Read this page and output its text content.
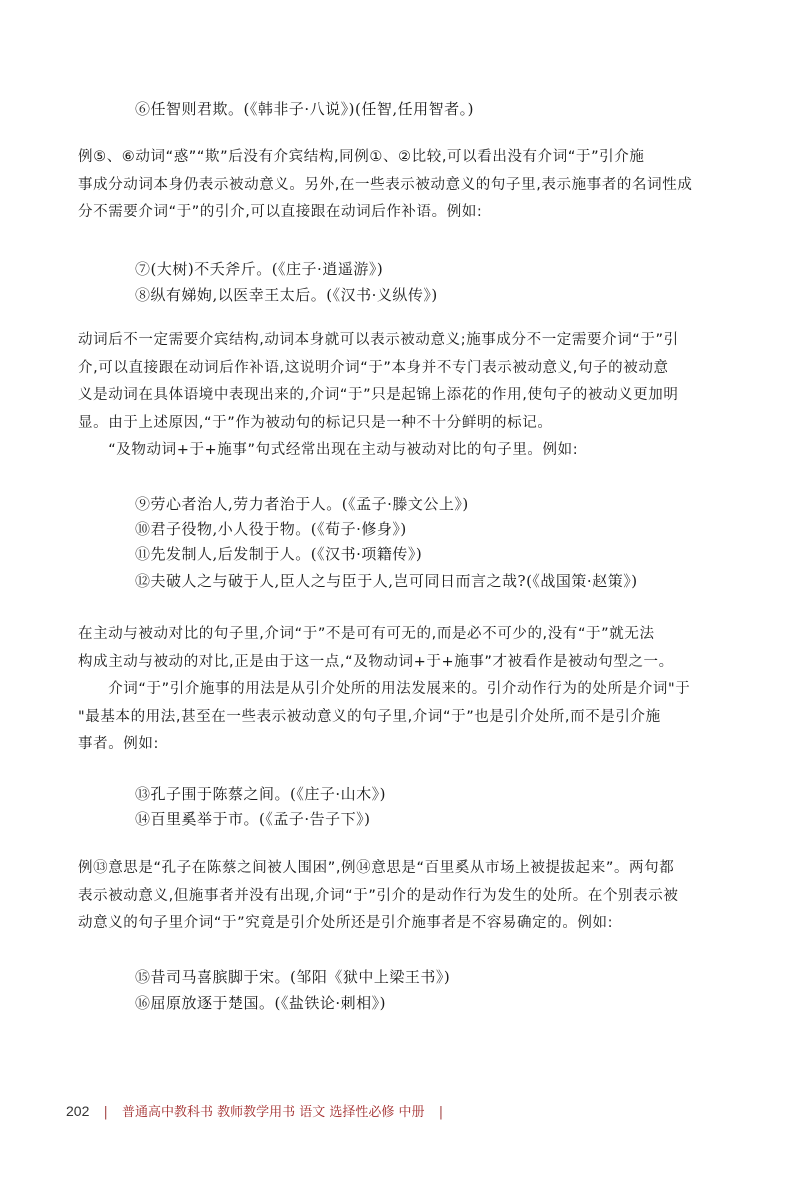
⑥任智则君欺。(《韩非子·八说》)(任智,任用智者。)

例⑤、⑥动词“惑”“欺”后没有介宾结构,同例①、②比较,可以看出没有介词“于”引介施
事成分动词本身仍表示被动意义。另外,在一些表示被动意义的句子里,表示施事者的名词性成
分不需要介词“于”的引介,可以直接跟在动词后作补语。例如:

⑦(大树)不夭斧斤。(《庄子·逍遥游》)

⑧纵有娣姁,以医幸王太后。(《汉书·义纵传》)

动词后不一定需要介宾结构,动词本身就可以表示被动意义;施事成分不一定需要介词“于”引
介,可以直接跟在动词后作补语,这说明介词“于”本身并不专门表示被动意义,句子的被动意
义是动词在具体语境中表现出来的,介词“于”只是起锦上添花的作用,使句子的被动义更加明
显。由于上述原因,“于”作为被动句的标记只是一种不十分鲜明的标记。
　　“及物动词+于+施事”句式经常出现在主动与被动对比的句子里。例如:

⑨劳心者治人,劳力者治于人。(《孟子·滕文公上》)

⑩君子役物,小人役于物。(《荀子·修身》)

⑪先发制人,后发制于人。(《汉书·项籍传》)

⑫夫破人之与破于人,臣人之与臣于人,岂可同日而言之哉?(《战国策·赵策》)

在主动与被动对比的句子里,介词“于”不是可有可无的,而是必不可少的,没有“于”就无法
构成主动与被动的对比,正是由于这一点,“及物动词+于+施事”才被看作是被动句型之一。
　　介词“于”引介施事的用法是从引介处所的用法发展来的。引介动作行为的处所是介词"于
"最基本的用法,甚至在一些表示被动意义的句子里,介词“于”也是引介处所,而不是引介施
事者。例如:

⑬孔子围于陈蔡之间。(《庄子·山木》)

⑭百里奚举于市。(《孟子·告子下》)

例⑬意思是“孔子在陈蔡之间被人围困”,例⑭意思是“百里奚从市场上被提拔起来”。两句都
表示被动意义,但施事者并没有出现,介词“于”引介的是动作行为发生的处所。在个别表示被
动意义的句子里介词“于”究竟是引介处所还是引介施事者是不容易确定的。例如:

⑮昔司马喜膑脚于宋。(邹阳《狱中上梁王书》)

⑯屈原放逐于楚国。(《盐铁论·刺相》)

202 | 普通高中教科书 教师教学用书 语文 选择性必修 中册 |
